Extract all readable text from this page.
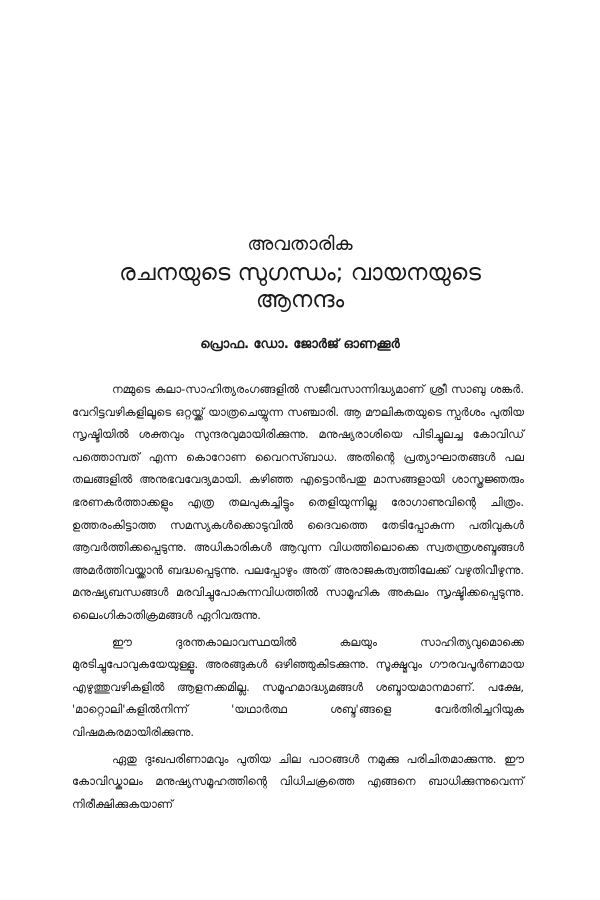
അവതാരിക
രചനയുടെ സുഗന്ധം; വായനയുടെ
ആനന്ദം
പ്രൊഫ. ഡോ. ജോർജ് ഓണക്കൂർ

നമ്മുടെ കലാ-സാഹിത്യരംഗങ്ങളിൽ സജീവസാന്നിദ്ധ്യമാണ് ശ്രീ സാബു ശങ്കർ. വേറിട്ടവഴികളിലൂടെ ഒറ്റയ്ക്ക് യാത്രചെയ്യുന്ന സഞ്ചാരി. ആ മൗലികതയുടെ സ്പർശം പുതിയ സൃഷ്ടിയിൽ ശക്തവും സുന്ദരവുമായിരിക്കുന്നു. മനുഷ്യരാശിയെ പിടിച്ചുലച്ച കോവിഡ് പത്തൊമ്പത് എന്ന കൊറോണ വൈറസ്ബാധ. അതിന്റെ പ്രത്യാഘാതങ്ങൾ പല തലങ്ങളിൽ അനുഭവവേദ്യമായി. കഴിഞ്ഞ എട്ടൊൻപതു മാസങ്ങളായി ശാസ്ത്രജ്ഞരും ഭരണകർത്താക്കളും എത്ര തലപുകച്ചിട്ടും തെളിയുന്നില്ല രോഗാണുവിന്റെ ചിത്രം. ഉത്തരംകിട്ടാത്ത സമസ്യകൾക്കൊടുവിൽ ദൈവത്തെ തേടിപ്പോകുന്ന പതിവുകൾ ആവർത്തിക്കപ്പെടുന്നു. അധികാരികൾ ആവുന്ന വിധത്തിലൊക്കെ സ്വതന്ത്രശബ്ദങ്ങൾ അമർത്തിവയ്ക്കാൻ ബദ്ധപ്പെടുന്നു. പലപ്പോഴും അത് അരാജകത്വത്തിലേക്ക് വഴുതിവീഴുന്നു. മനുഷ്യബന്ധങ്ങൾ മരവിച്ചുപോകുന്നവിധത്തിൽ സാമൂഹിക അകലം സൃഷ്ടിക്കപ്പെടുന്നു. ലൈംഗികാതിക്രമങ്ങൾ ഏറിവരുന്നു.

ഈ ദുരന്തകാലാവസ്ഥയിൽ കലയും സാഹിത്യവുമൊക്കെ മുരടിച്ചുപോവുകയേയുള്ളൂ. അരങ്ങുകൾ ഒഴിഞ്ഞുകിടക്കുന്നു. സൂക്ഷ്മവും ഗൗരവപൂർണമായ എഴുത്തുവഴികളിൽ ആളനക്കമില്ല. സമൂഹമാദ്ധ്യമങ്ങൾ ശബ്ദായമാനമാണ്. പക്ഷേ, 'മാറ്റൊലി'കളിൽനിന്ന് 'യഥാർത്ഥ ശബ്ദ'ങ്ങളെ വേർതിരിച്ചറിയുക വിഷമകരമായിരിക്കുന്നു.

ഏതു ദുഃഖപരിണാമവും പുതിയ ചില പാഠങ്ങൾ നമുക്കു പരിചിതമാക്കുന്നു. ഈ കോവിഡ്കാലം മനുഷ്യസമൂഹത്തിന്റെ വിധിചക്രത്തെ എങ്ങനെ ബാധിക്കുന്നുവെന്ന് നിരീക്ഷിക്കുകയാണ്
